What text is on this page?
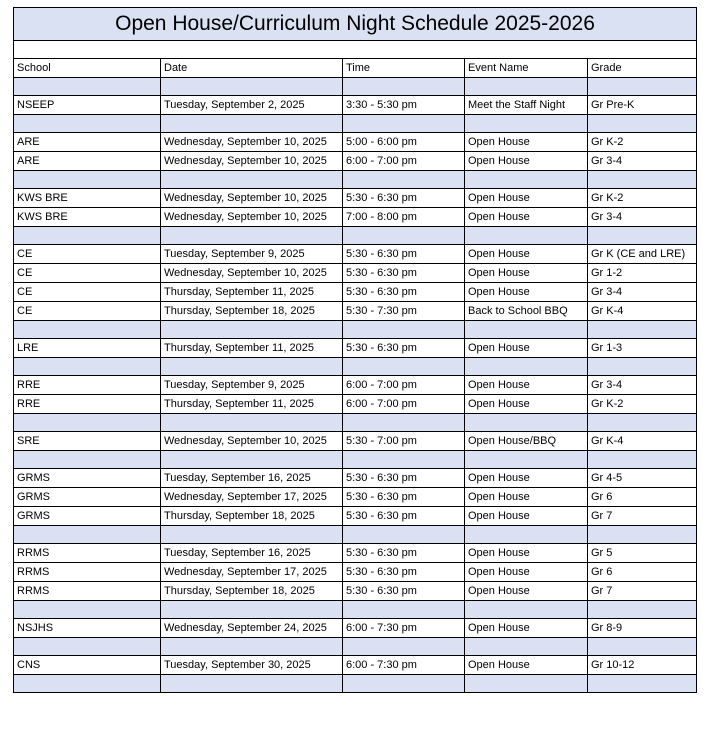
Open House/Curriculum Night Schedule 2025-2026				

School	Date	Time	Event Name	Grade

NSEEP	Tuesday, September 2, 2025	3:30 - 5:30 pm	Meet the Staff Night	Gr Pre-K

ARE	Wednesday, September 10, 2025	5:00 - 6:00 pm	Open House	Gr K-2
ARE	Wednesday, September 10, 2025	6:00 - 7:00 pm	Open House	Gr 3-4

KWS BRE	Wednesday, September 10, 2025	5:30 - 6:30 pm	Open House	Gr K-2
KWS BRE	Wednesday, September 10, 2025	7:00 - 8:00 pm	Open House	Gr 3-4

CE	Tuesday, September 9, 2025	5:30 - 6:30 pm	Open House	Gr K (CE and LRE)
CE	Wednesday, September 10, 2025	5:30 - 6:30 pm	Open House	Gr 1-2
CE	Thursday, September 11, 2025	5:30 - 6:30 pm	Open House	Gr 3-4
CE	Thursday, September 18, 2025	5:30 - 7:30 pm	Back to School BBQ	Gr K-4

LRE	Thursday, September 11, 2025	5:30 - 6:30 pm	Open House	Gr 1-3

RRE	Tuesday, September 9, 2025	6:00 - 7:00 pm	Open House	Gr 3-4
RRE	Thursday, September 11, 2025	6:00 - 7:00 pm	Open House	Gr K-2

SRE	Wednesday, September 10, 2025	5:30 - 7:00 pm	Open House/BBQ	Gr K-4

GRMS	Tuesday, September 16, 2025	5:30 - 6:30 pm	Open House	Gr 4-5
GRMS	Wednesday, September 17, 2025	5:30 - 6:30 pm	Open House	Gr 6
GRMS	Thursday, September 18, 2025	5:30 - 6:30 pm	Open House	Gr 7

RRMS	Tuesday, September 16, 2025	5:30 - 6:30 pm	Open House	Gr 5
RRMS	Wednesday, September 17, 2025	5:30 - 6:30 pm	Open House	Gr 6
RRMS	Thursday, September 18, 2025	5:30 - 6:30 pm	Open House	Gr 7

NSJHS	Wednesday, September 24, 2025	6:00 - 7:30 pm	Open House	Gr 8-9

CNS	Tuesday, September 30, 2025	6:00 - 7:30 pm	Open House	Gr 10-12
